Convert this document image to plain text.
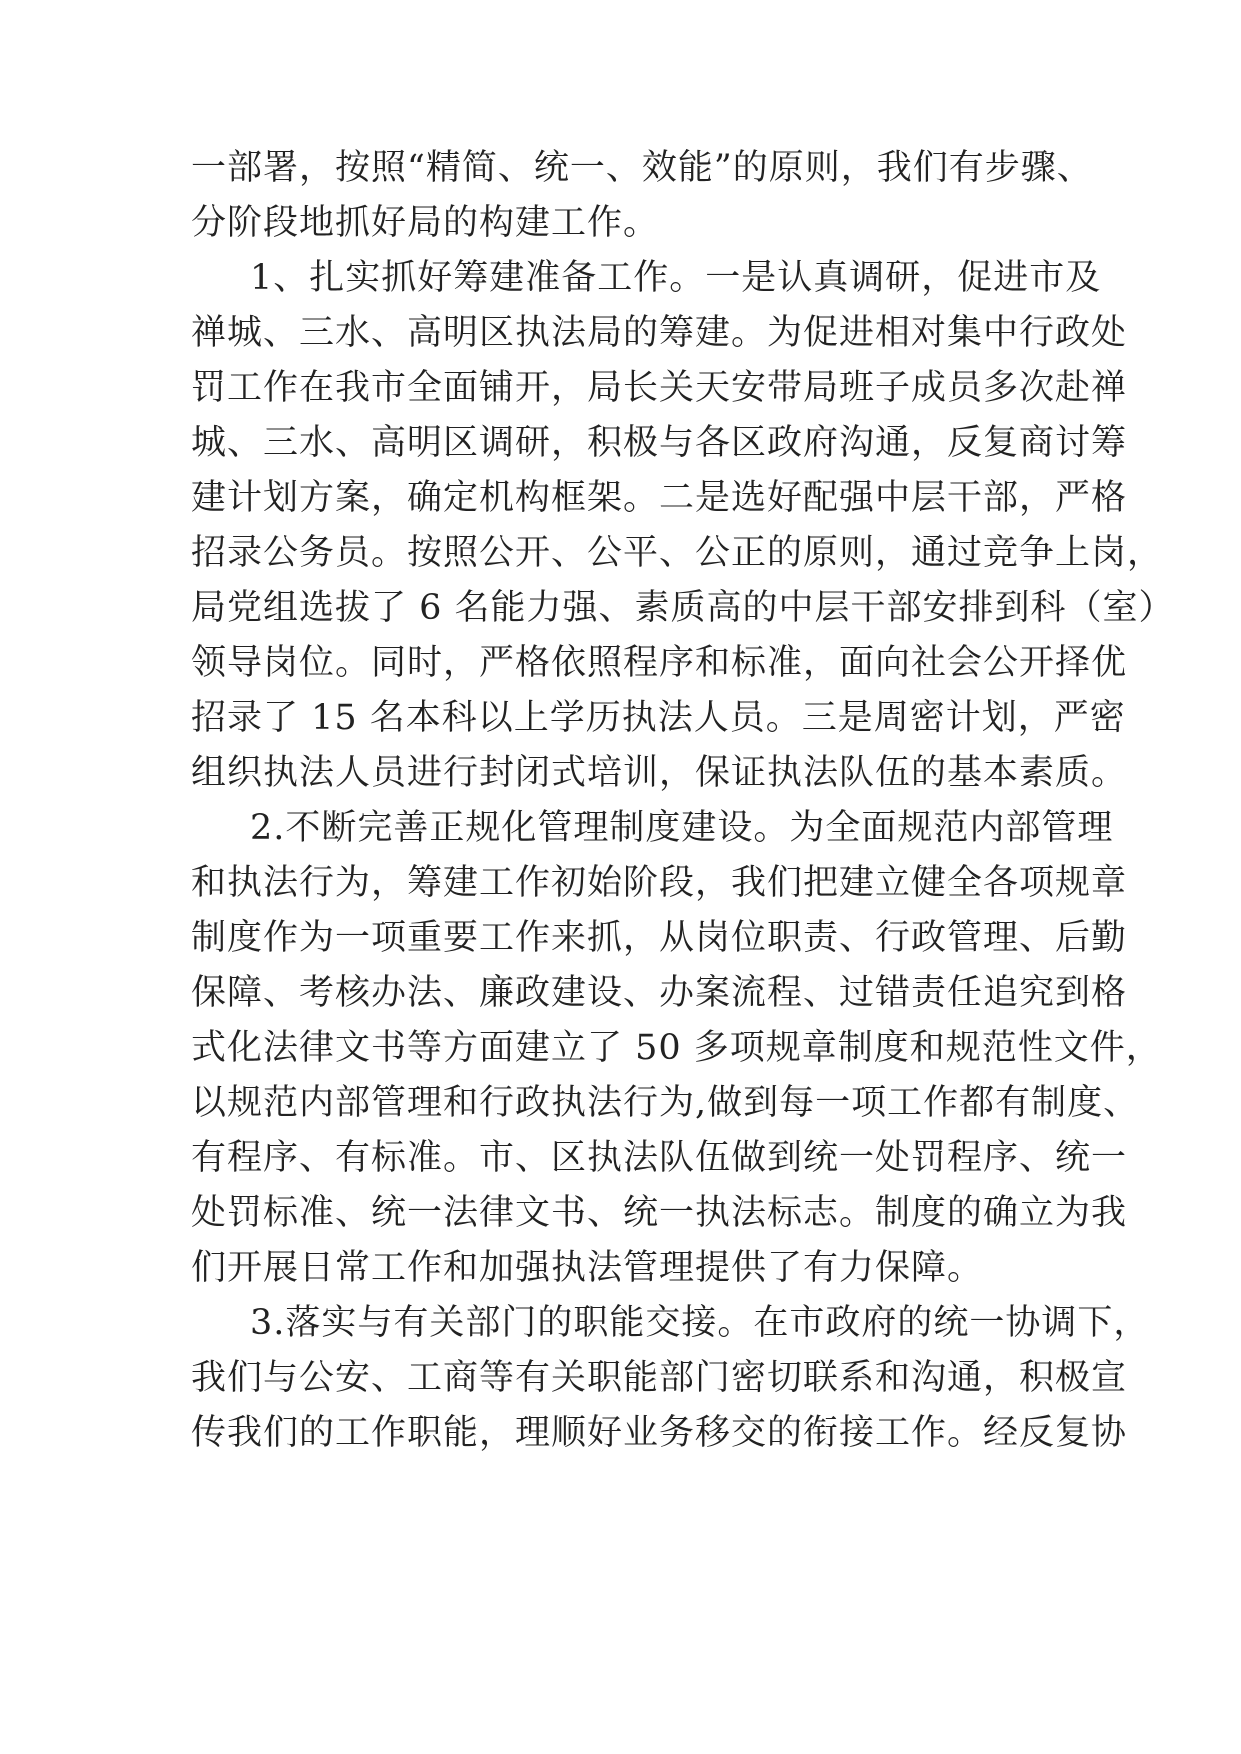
一部署，按照“精简、统一、效能”的原则，我们有步骤、
分阶段地抓好局的构建工作。
1、扎实抓好筹建准备工作。一是认真调研，促进市及
禅城、三水、高明区执法局的筹建。为促进相对集中行政处
罚工作在我市全面铺开，局长关天安带局班子成员多次赴禅
城、三水、高明区调研，积极与各区政府沟通，反复商讨筹
建计划方案，确定机构框架。二是选好配强中层干部，严格
招录公务员。按照公开、公平、公正的原则，通过竞争上岗，
局党组选拔了 6 名能力强、素质高的中层干部安排到科（室）
领导岗位。同时，严格依照程序和标准，面向社会公开择优
招录了 15 名本科以上学历执法人员。三是周密计划，严密
组织执法人员进行封闭式培训，保证执法队伍的基本素质。
2.不断完善正规化管理制度建设。为全面规范内部管理
和执法行为，筹建工作初始阶段，我们把建立健全各项规章
制度作为一项重要工作来抓，从岗位职责、行政管理、后勤
保障、考核办法、廉政建设、办案流程、过错责任追究到格
式化法律文书等方面建立了 50 多项规章制度和规范性文件，
以规范内部管理和行政执法行为,做到每一项工作都有制度、
有程序、有标准。市、区执法队伍做到统一处罚程序、统一
处罚标准、统一法律文书、统一执法标志。制度的确立为我
们开展日常工作和加强执法管理提供了有力保障。
3.落实与有关部门的职能交接。在市政府的统一协调下，
我们与公安、工商等有关职能部门密切联系和沟通，积极宣
传我们的工作职能，理顺好业务移交的衔接工作。经反复协
